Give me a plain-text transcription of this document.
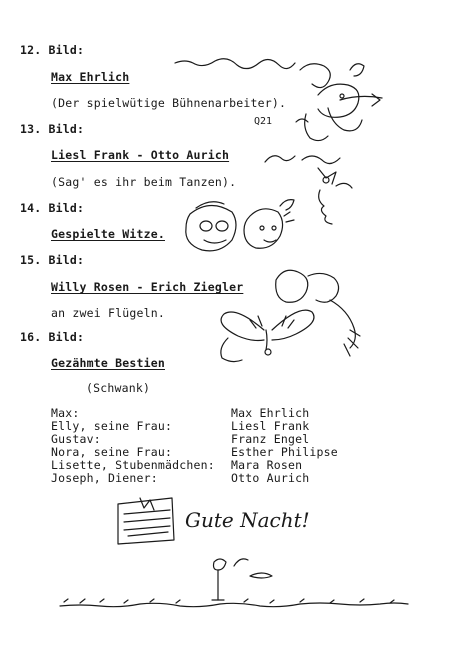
12. Bild:
Max Ehrlich
(Der spielwütige Bühnenarbeiter).
13. Bild:
Liesl Frank - Otto Aurich
(Sag' es ihr beim Tanzen).
14. Bild:
Gespielte Witze.
15. Bild:
Willy Rosen - Erich Ziegler
an zwei Flügeln.
16. Bild:
Gezähmte Bestien
(Schwank)
Max:	Max Ehrlich
Elly, seine Frau:	Liesl Frank
Gustav:	Franz Engel
Nora, seine Frau:	Esther Philipse
Lisette, Stubenmädchen: Mara Rosen
Joseph, Diener:	Otto Aurich
Gute Nacht!
Q21
